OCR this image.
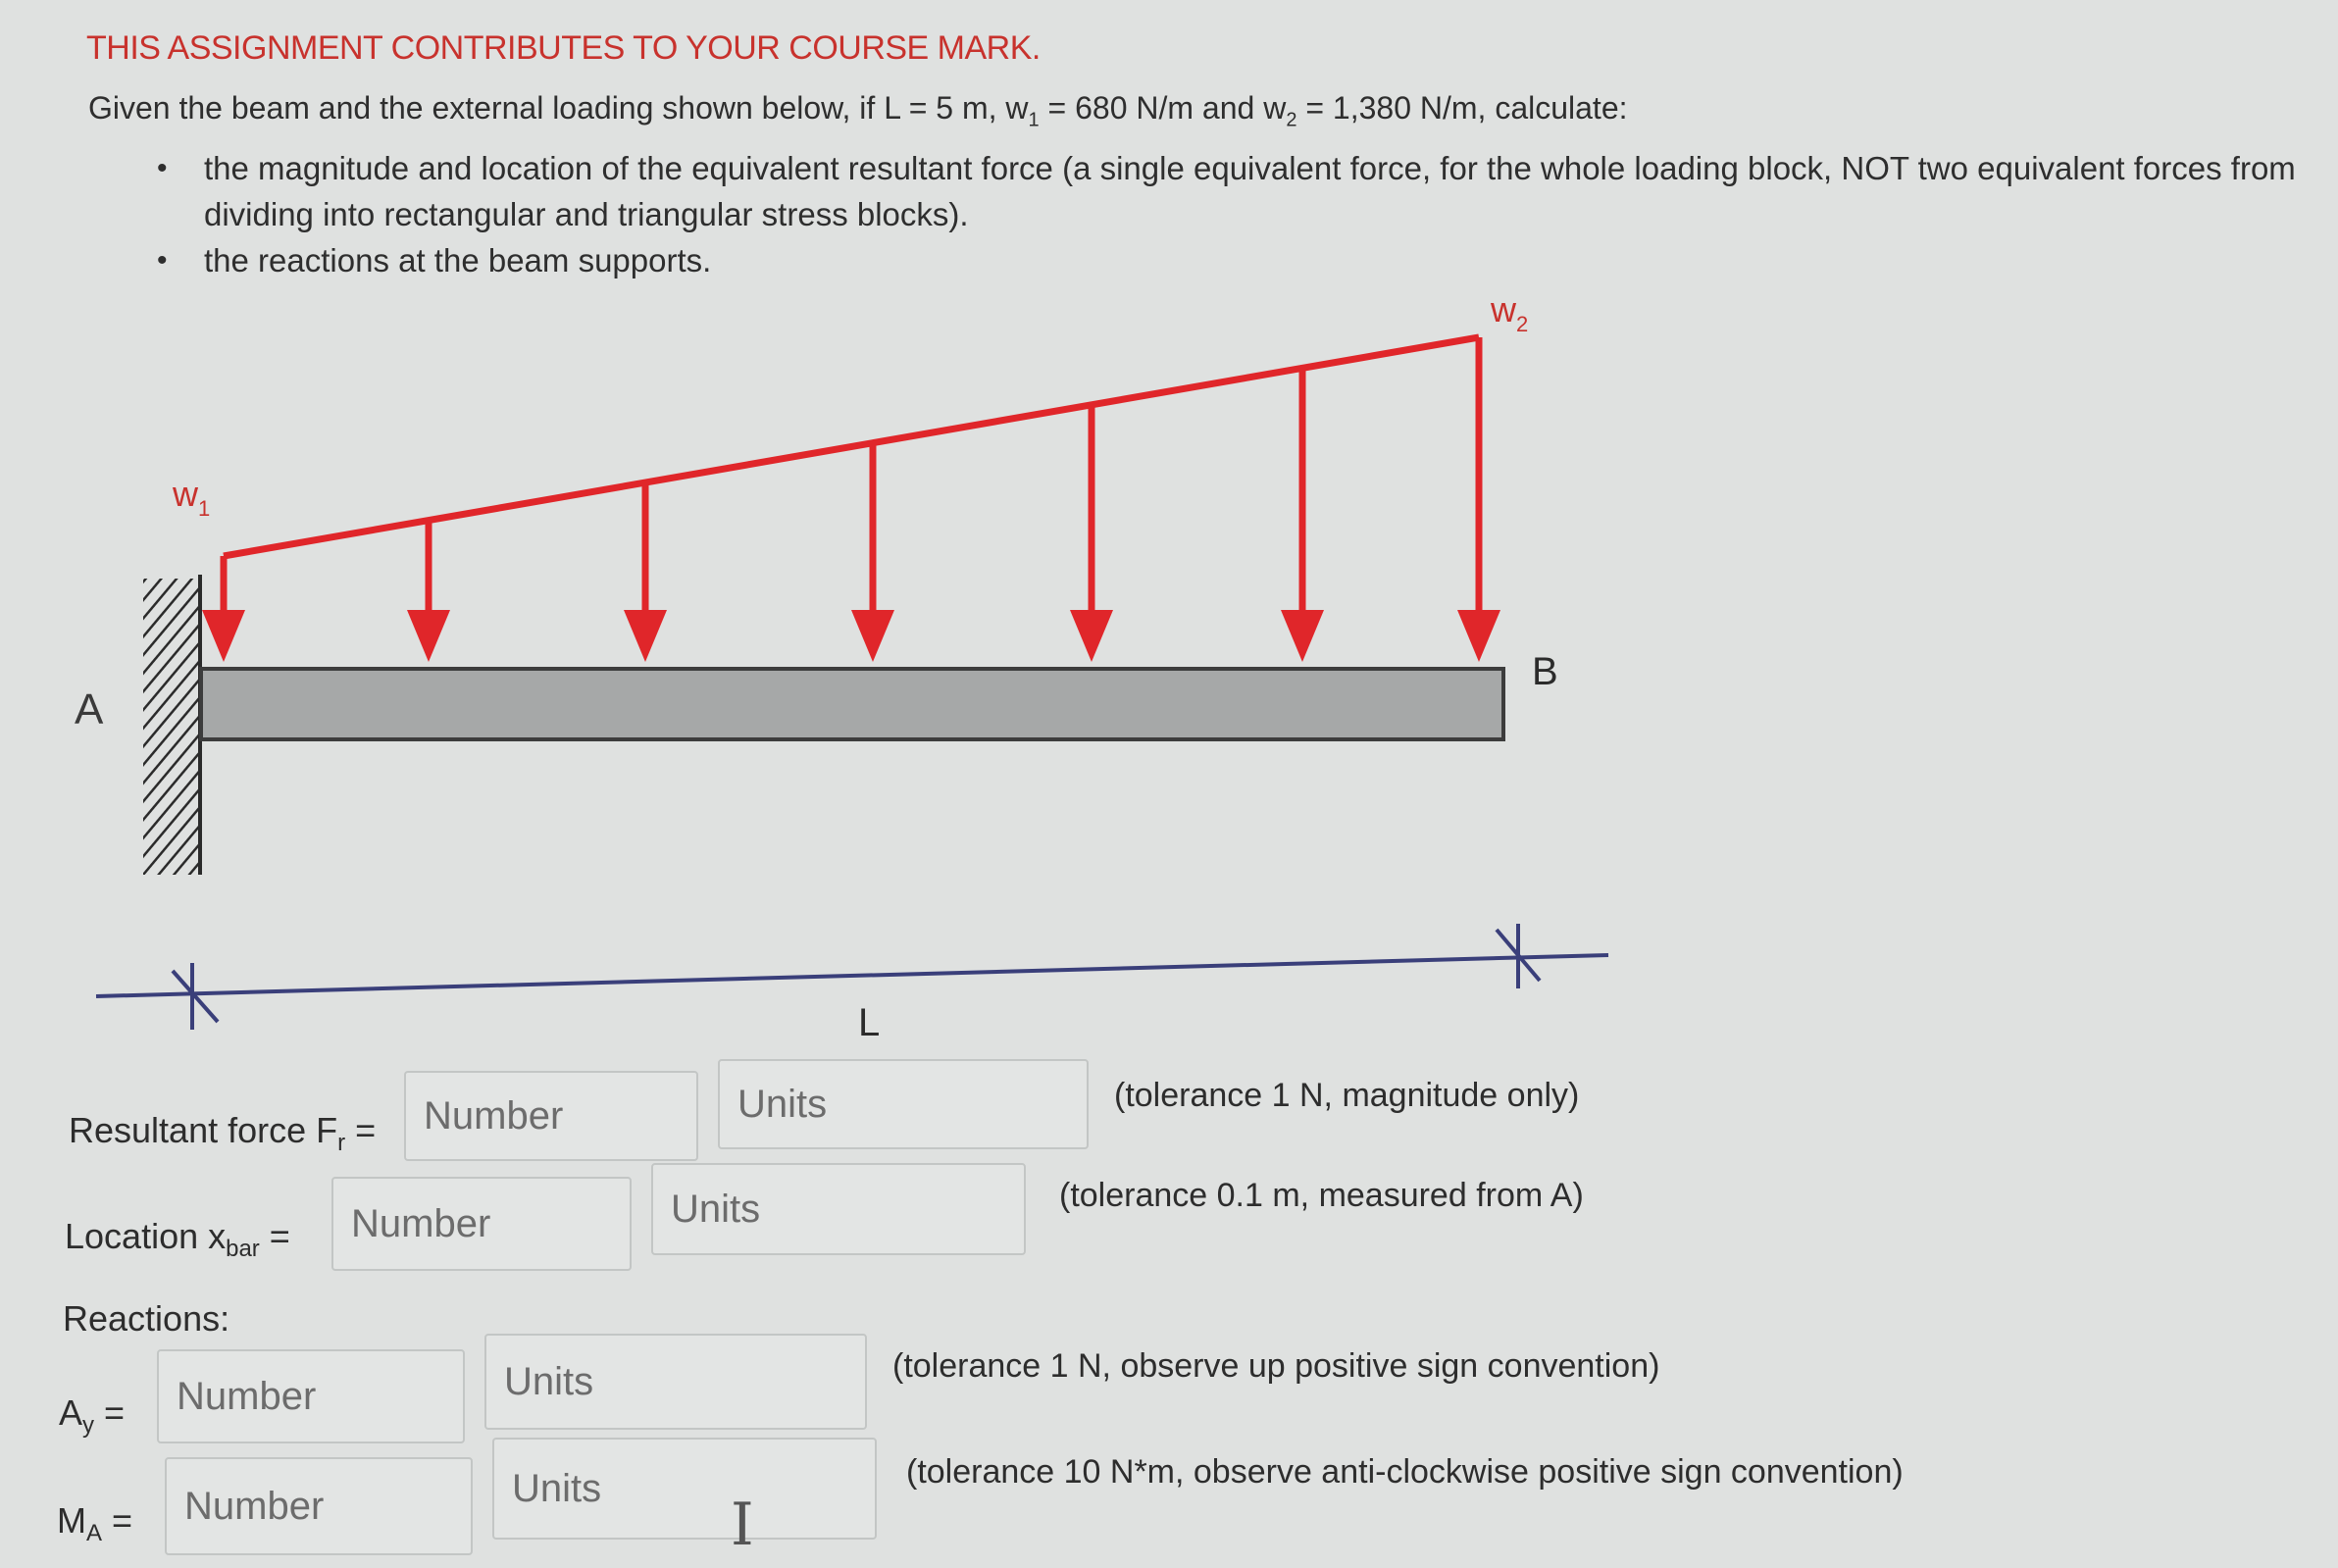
THIS ASSIGNMENT CONTRIBUTES TO YOUR COURSE MARK.
Given the beam and the external loading shown below, if L = 5 m, $w_1 = 680$ N/m and $w_2 = 1,380$ N/m, calculate:
• the magnitude and location of the equivalent resultant force (a single equivalent force, for the whole loading block, NOT two equivalent forces from dividing into rectangular and triangular stress blocks).
• the reactions at the beam supports.
$w_1$
$w_2$
A
B
L
Resultant force $F_r$ =
Number
Units
(tolerance 1 N, magnitude only)
Location $x_{bar}$ =
Number
Units
(tolerance 0.1 m, measured from A)
Reactions:
$A_y$ =
Number
Units
(tolerance 1 N, observe up positive sign convention)
$M_A$ =
Number
Units
(tolerance 10 N*m, observe anti-clockwise positive sign convention)
I
